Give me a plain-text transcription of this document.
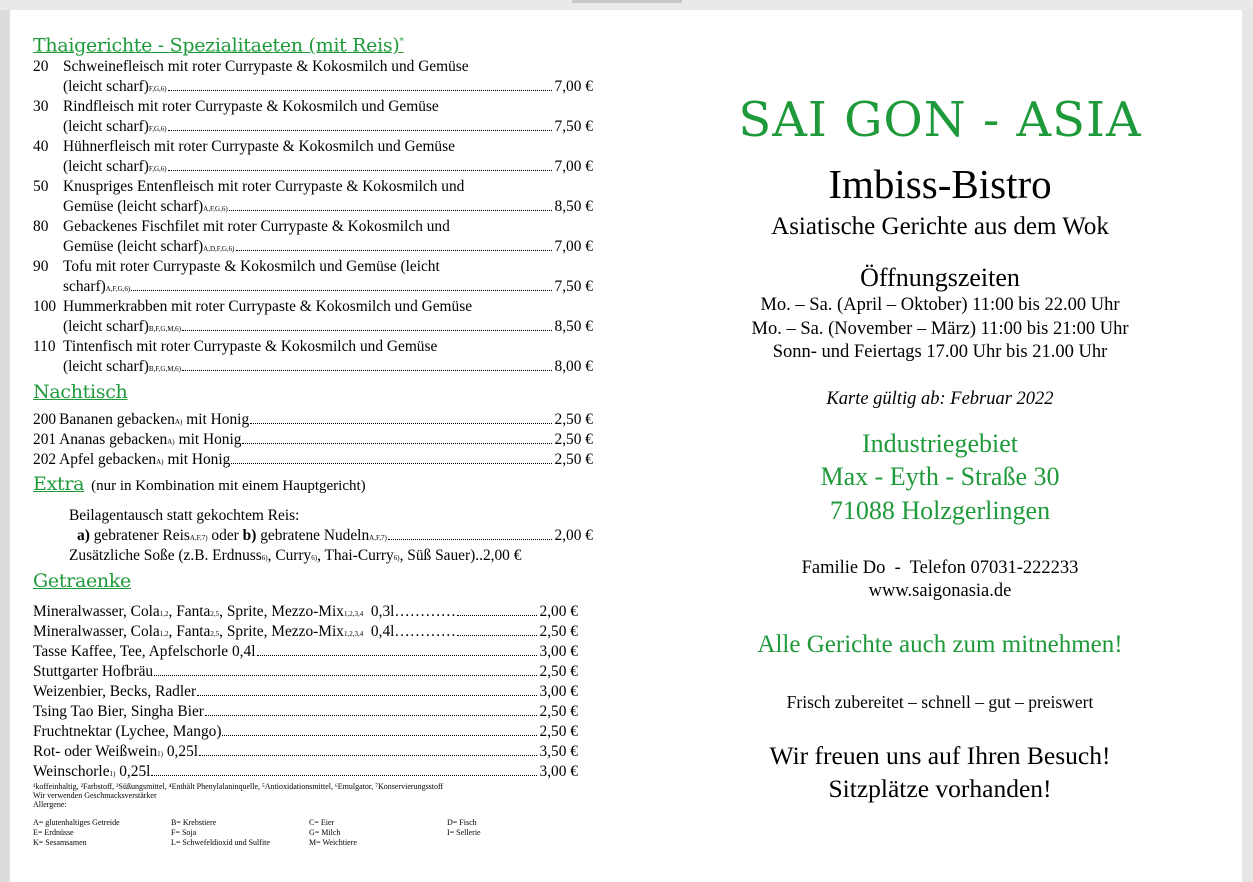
Thaigerichte - Spezialitaeten (mit Reis)*
20 Schweinefleisch mit roter Currypaste & Kokosmilch und Gemüse
(leicht scharf) F,G,6)	7,00 €
30 Rindfleisch mit roter Currypaste & Kokosmilch und Gemüse
(leicht scharf) F,G,6)	7,50 €
40 Hühnerfleisch mit roter Currypaste & Kokosmilch und Gemüse
(leicht scharf) F,G,6)	7,00 €
50 Knuspriges Entenfleisch mit roter Currypaste & Kokosmilch und
Gemüse (leicht scharf) A,F,G,6)	8,50 €
80 Gebackenes Fischfilet mit roter Currypaste & Kokosmilch und
Gemüse (leicht scharf) A,D,F,G,6)	7,00 €
90 Tofu mit roter Currypaste & Kokosmilch und Gemüse (leicht
scharf) A,F,G,6)	7,50 €
100 Hummerkrabben mit roter Currypaste & Kokosmilch und Gemüse
(leicht scharf) B,F,G,M,6)	8,50 €
110 Tintenfisch mit roter Currypaste & Kokosmilch und Gemüse
(leicht scharf) B,F,G,M,6)	8,00 €
Nachtisch
200 Bananen gebacken A) mit Honig	2,50 €
201 Ananas gebacken A) mit Honig	2,50 €
202 Apfel gebacken A) mit Honig	2,50 €
Extra (nur in Kombination mit einem Hauptgericht)
Beilagentausch statt gekochtem Reis:
a)
gebratener Reis A,F,7)
oder
b)
gebratene Nudeln A,F,7)	2,00 €
Zusätzliche Soße (z.B. Erdnuss 6) , Curry 6) , Thai-Curry 6) , Süß Sauer).. 2,00 €
Getraenke
Mineralwasser, Cola 1,2 , Fanta 2,5 , Sprite, Mezzo-Mix 1,2,3,4 0,3l…………	2,00 €
Mineralwasser, Cola 1,2 , Fanta 2,5 , Sprite, Mezzo-Mix 1,2,3,4 0,4l…………	2,50 €
Tasse Kaffee, Tee, Apfelschorle 0,4l	3,00 €
Stuttgarter Hofbräu	2,50 €
Weizenbier, Becks, Radler	3,00 €
Tsing Tao Bier, Singha Bier	2,50 €
Fruchtnektar (Lychee, Mango)	2,50 €
Rot- oder Weißwein 1) 0,25l	3,50 €
Weinschorle 1) 0,25l	3,00 €
¹koffeinhaltig, ²Farbstoff, ³Süßungsmittel, ⁴Enthält Phenylalaninquelle, ⁵Antioxidationsmittel, ⁶Emulgator, ⁷Konservierungsstoff
Wir verwenden Geschmacksverstärker
Allergene:
A= glutenhaltiges Getreide	B= Krebstiere	C= Eier	D= Fisch
E= Erdnüsse	F= Soja	G= Milch	I= Sellerie
K= Sesamsamen	L= Schwefeldioxid und Sulfite	M= Weichtiere
SAI GON - ASIA
Imbiss-Bistro
Asiatische Gerichte aus dem Wok
Öffnungszeiten
Mo. – Sa. (April – Oktober) 11:00 bis 22.00 Uhr
Mo. – Sa. (November – März) 11:00 bis 21:00 Uhr
Sonn- und Feiertags 17.00 Uhr bis 21.00 Uhr
Karte gültig ab: Februar 2022
Industriegebiet
Max - Eyth - Straße 30
71088 Holzgerlingen
Familie Do  -  Telefon 07031-222233
www.saigonasia.de
Alle Gerichte auch zum mitnehmen!
Frisch zubereitet – schnell – gut – preiswert
Wir freuen uns auf Ihren Besuch!
Sitzplätze vorhanden!
